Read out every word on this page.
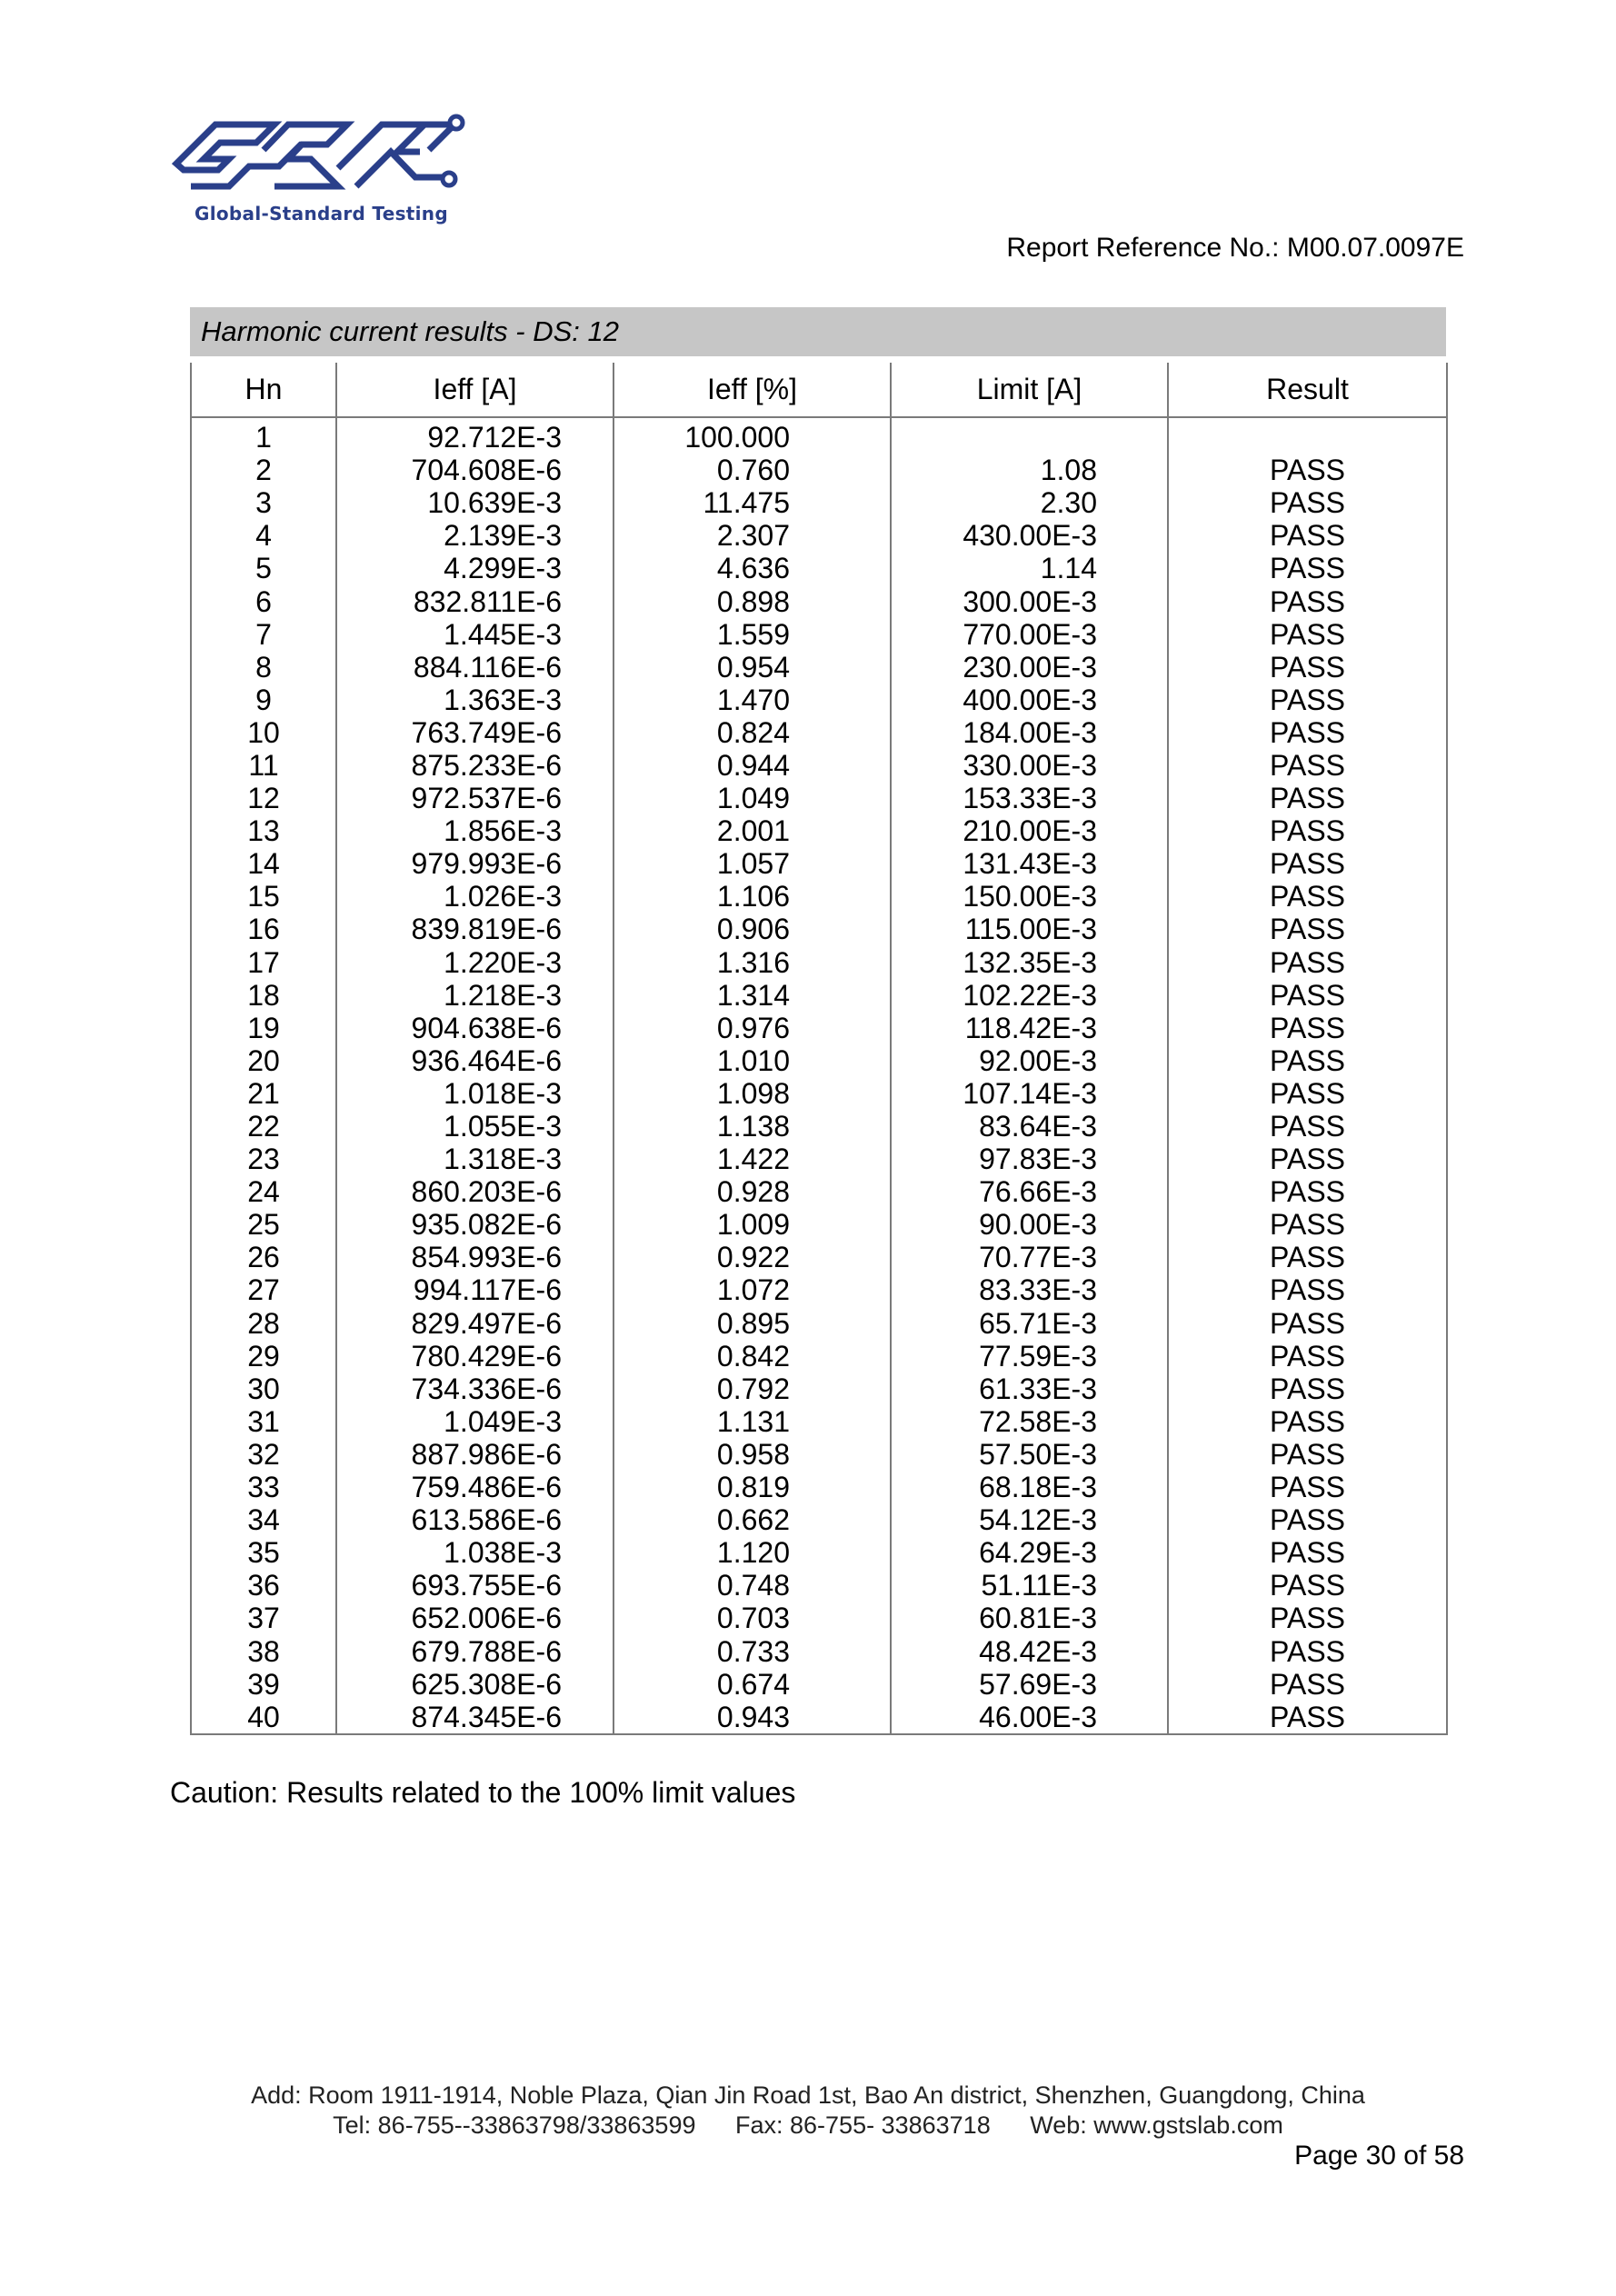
Global-Standard Testing
Report Reference No.: M00.07.0097E
Harmonic current results - DS: 12
Hn	Ieff [A]	Ieff [%]	Limit [A]	Result
1	92.712E-3	100.000		
2	704.608E-6	0.760	1.08	PASS
3	10.639E-3	11.475	2.30	PASS
4	2.139E-3	2.307	430.00E-3	PASS
5	4.299E-3	4.636	1.14	PASS
6	832.811E-6	0.898	300.00E-3	PASS
7	1.445E-3	1.559	770.00E-3	PASS
8	884.116E-6	0.954	230.00E-3	PASS
9	1.363E-3	1.470	400.00E-3	PASS
10	763.749E-6	0.824	184.00E-3	PASS
11	875.233E-6	0.944	330.00E-3	PASS
12	972.537E-6	1.049	153.33E-3	PASS
13	1.856E-3	2.001	210.00E-3	PASS
14	979.993E-6	1.057	131.43E-3	PASS
15	1.026E-3	1.106	150.00E-3	PASS
16	839.819E-6	0.906	115.00E-3	PASS
17	1.220E-3	1.316	132.35E-3	PASS
18	1.218E-3	1.314	102.22E-3	PASS
19	904.638E-6	0.976	118.42E-3	PASS
20	936.464E-6	1.010	92.00E-3	PASS
21	1.018E-3	1.098	107.14E-3	PASS
22	1.055E-3	1.138	83.64E-3	PASS
23	1.318E-3	1.422	97.83E-3	PASS
24	860.203E-6	0.928	76.66E-3	PASS
25	935.082E-6	1.009	90.00E-3	PASS
26	854.993E-6	0.922	70.77E-3	PASS
27	994.117E-6	1.072	83.33E-3	PASS
28	829.497E-6	0.895	65.71E-3	PASS
29	780.429E-6	0.842	77.59E-3	PASS
30	734.336E-6	0.792	61.33E-3	PASS
31	1.049E-3	1.131	72.58E-3	PASS
32	887.986E-6	0.958	57.50E-3	PASS
33	759.486E-6	0.819	68.18E-3	PASS
34	613.586E-6	0.662	54.12E-3	PASS
35	1.038E-3	1.120	64.29E-3	PASS
36	693.755E-6	0.748	51.11E-3	PASS
37	652.006E-6	0.703	60.81E-3	PASS
38	679.788E-6	0.733	48.42E-3	PASS
39	625.308E-6	0.674	57.69E-3	PASS
40	874.345E-6	0.943	46.00E-3	PASS
Caution: Results related to the 100% limit values
Add: Room 1911-1914, Noble Plaza, Qian Jin Road 1st, Bao An district, Shenzhen, Guangdong, China
Tel: 86-755--33863798/33863599 Fax: 86-755- 33863718 Web: www.gstslab.com
Page 30 of 58
